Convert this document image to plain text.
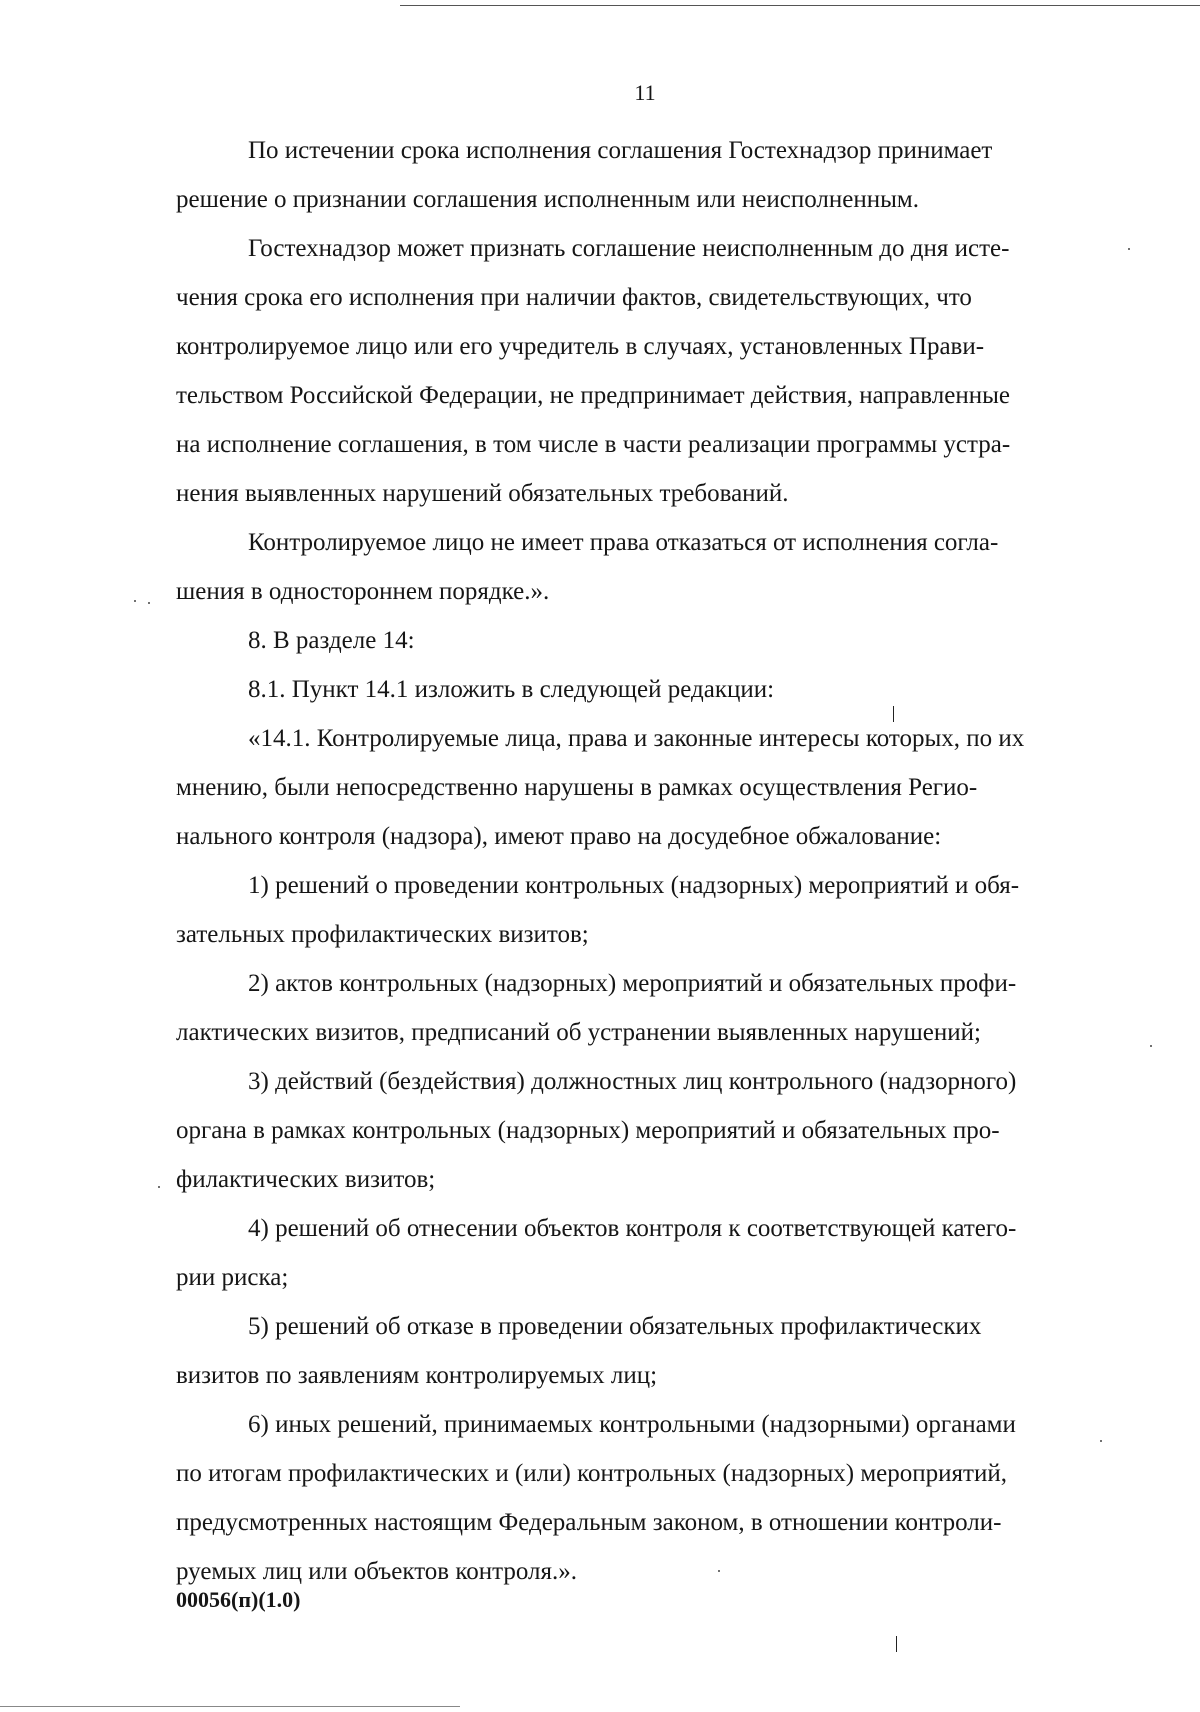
11

По истечении срока исполнения соглашения Гостехнадзор принимает
решение о признании соглашения исполненным или неисполненным.

Гостехнадзор может признать соглашение неисполненным до дня исте-
чения срока его исполнения при наличии фактов, свидетельствующих, что
контролируемое лицо или его учредитель в случаях, установленных Прави-
тельством Российской Федерации, не предпринимает действия, направленные
на исполнение соглашения, в том числе в части реализации программы устра-
нения выявленных нарушений обязательных требований.

Контролируемое лицо не имеет права отказаться от исполнения согла-
шения в одностороннем порядке.».

8. В разделе 14:

8.1. Пункт 14.1 изложить в следующей редакции:

«14.1. Контролируемые лица, права и законные интересы которых, по их
мнению, были непосредственно нарушены в рамках осуществления Регио-
нального контроля (надзора), имеют право на досудебное обжалование:

1) решений о проведении контрольных (надзорных) мероприятий и обя-
зательных профилактических визитов;

2) актов контрольных (надзорных) мероприятий и обязательных профи-
лактических визитов, предписаний об устранении выявленных нарушений;

3) действий (бездействия) должностных лиц контрольного (надзорного)
органа в рамках контрольных (надзорных) мероприятий и обязательных про-
филактических визитов;

4) решений об отнесении объектов контроля к соответствующей катего-
рии риска;

5) решений об отказе в проведении обязательных профилактических
визитов по заявлениям контролируемых лиц;

6) иных решений, принимаемых контрольными (надзорными) органами
по итогам профилактических и (или) контрольных (надзорных) мероприятий,
предусмотренных настоящим Федеральным законом, в отношении контроли-
руемых лиц или объектов контроля.».

00056(п)(1.0)
